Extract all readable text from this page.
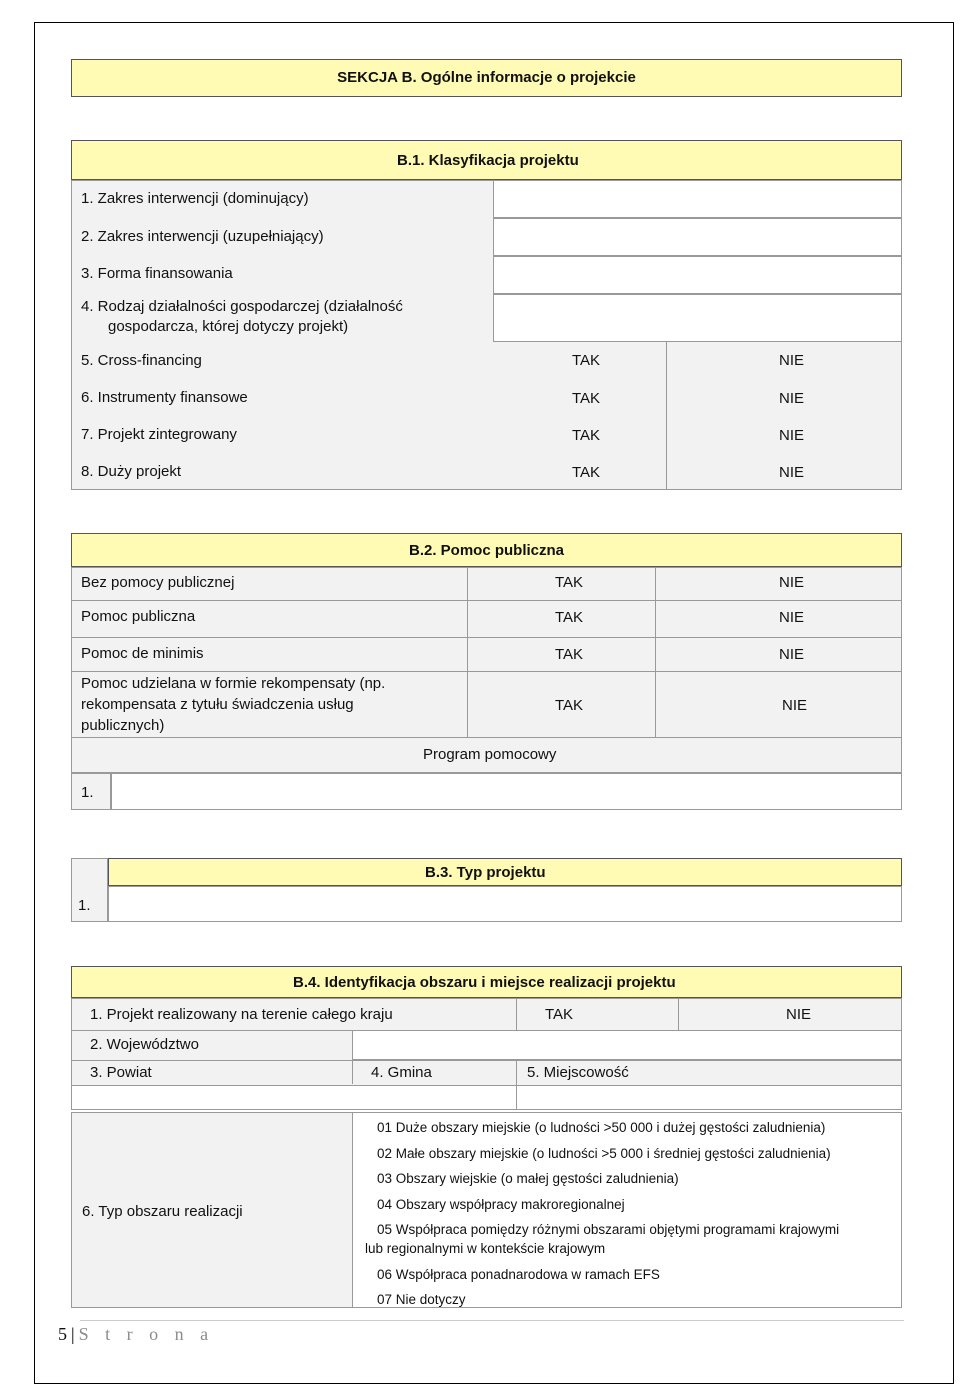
SEKCJA B. Ogólne informacje o projekcie
B.1. Klasyfikacja projektu
1. Zakres interwencji (dominujący)
2. Zakres interwencji (uzupełniający)
3. Forma finansowania
4. Rodzaj działalności gospodarczej (działalność
gospodarcza, której dotyczy projekt)
5. Cross-financing	TAK	NIE
6. Instrumenty finansowe	TAK	NIE
7. Projekt zintegrowany	TAK	NIE
8. Duży projekt	TAK	NIE
B.2. Pomoc publiczna
Bez pomocy publicznej	TAK	NIE
Pomoc publiczna	TAK	NIE
Pomoc de minimis	TAK	NIE
Pomoc udzielana w formie rekompensaty (np.
rekompensata z tytułu świadczenia usług
publicznych)
TAK	NIE
Program pomocowy
1.
B.3. Typ projektu
1.
B.4. Identyfikacja obszaru i miejsce realizacji projektu
1. Projekt realizowany na terenie całego kraju	TAK	NIE
2. Województwo
3. Powiat	4. Gmina	5. Miejscowość
6. Typ obszaru realizacji
01 Duże obszary miejskie (o ludności >50 000 i dużej gęstości zaludnienia)
02 Małe obszary miejskie (o ludności >5 000 i średniej gęstości zaludnienia)
03 Obszary wiejskie (o małej gęstości zaludnienia)
04 Obszary współpracy makroregionalnej
05 Współpraca pomiędzy różnymi obszarami objętymi programami krajowymi
lub regionalnymi w kontekście krajowym
06 Współpraca ponadnarodowa w ramach EFS
07 Nie dotyczy
5 | S t r o n a
